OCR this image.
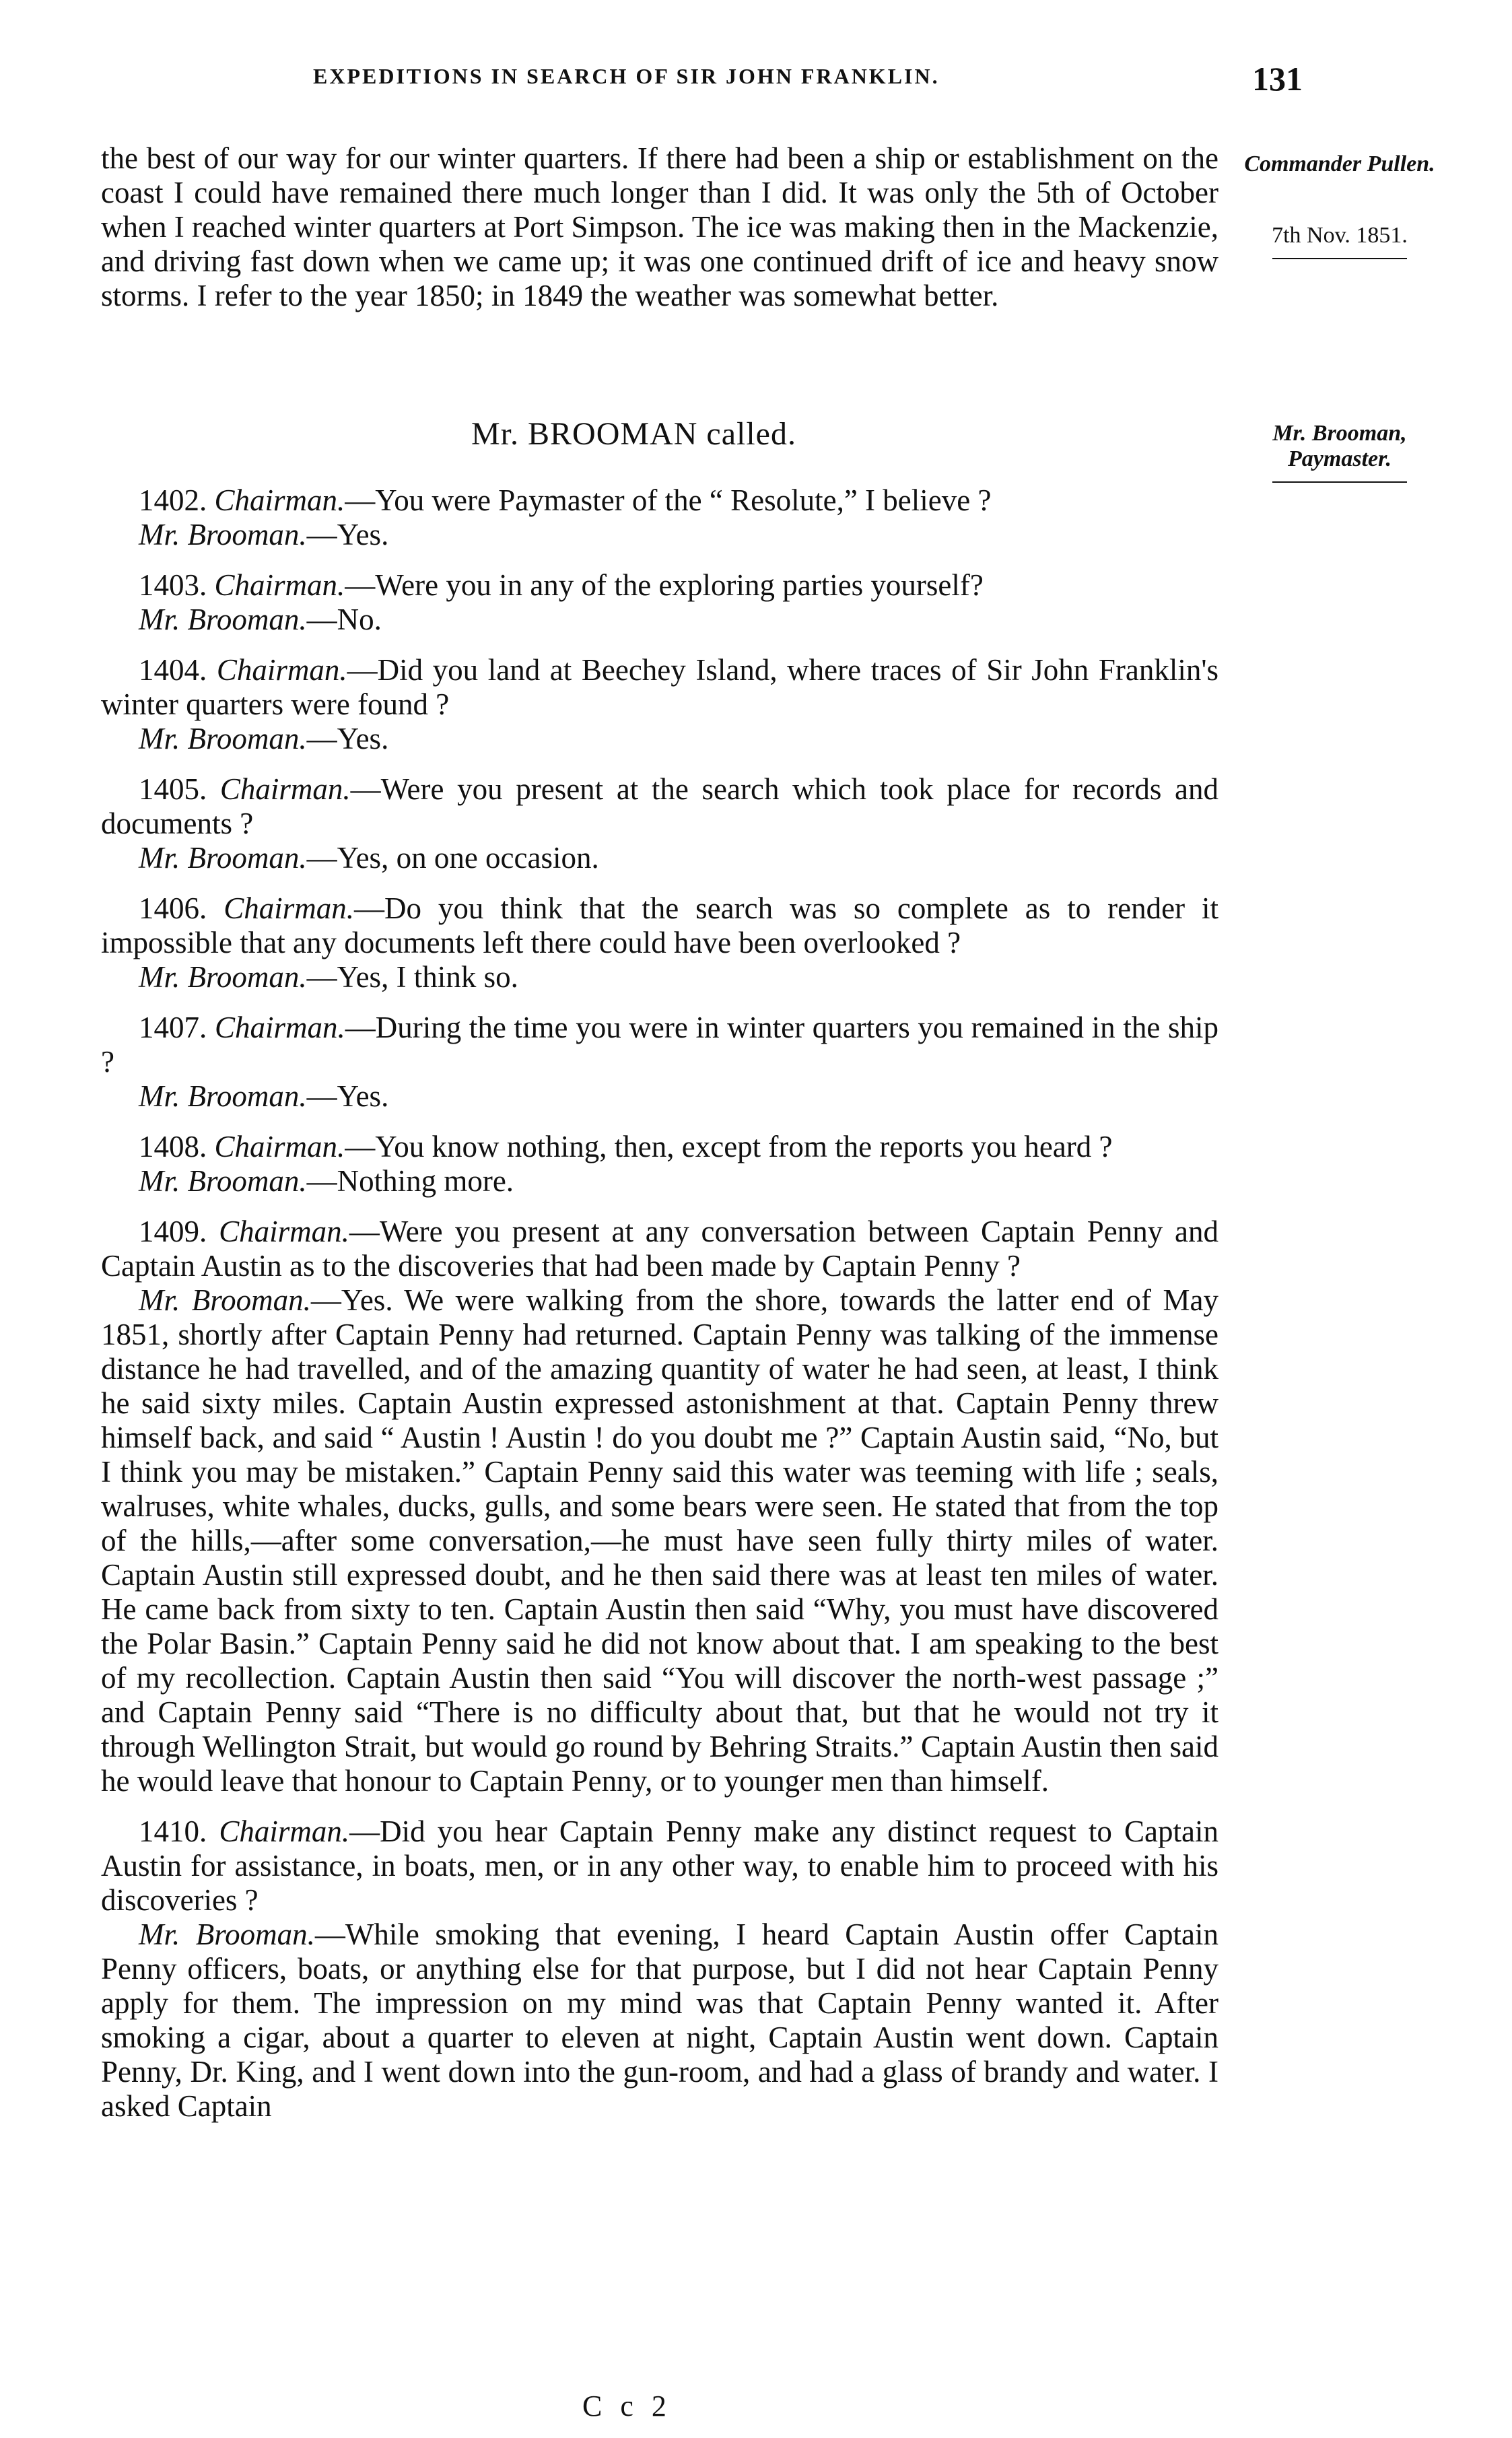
EXPEDITIONS IN SEARCH OF SIR JOHN FRANKLIN.	131
Commander Pullen.
7th Nov. 1851.
Mr. Brooman,
Paymaster.

the best of our way for our winter quarters. If there had been a ship or establishment on the coast I could have remained there much longer than I did. It was only the 5th of October when I reached winter quarters at Port Simpson. The ice was making then in the Mackenzie, and driving fast down when we came up; it was one continued drift of ice and heavy snow storms. I refer to the year 1850; in 1849 the weather was somewhat better.

Mr. BROOMAN called.

1402. Chairman.—You were Paymaster of the “ Resolute,” I believe ?

Mr. Brooman.—Yes.

1403. Chairman.—Were you in any of the exploring parties yourself?

Mr. Brooman.—No.

1404. Chairman.—Did you land at Beechey Island, where traces of Sir John Franklin's winter quarters were found ?

Mr. Brooman.—Yes.

1405. Chairman.—Were you present at the search which took place for records and documents ?

Mr. Brooman.—Yes, on one occasion.

1406. Chairman.—Do you think that the search was so complete as to render it impossible that any documents left there could have been overlooked ?

Mr. Brooman.—Yes, I think so.

1407. Chairman.—During the time you were in winter quarters you remained in the ship ?

Mr. Brooman.—Yes.

1408. Chairman.—You know nothing, then, except from the reports you heard ?

Mr. Brooman.—Nothing more.

1409. Chairman.—Were you present at any conversation between Captain Penny and Captain Austin as to the discoveries that had been made by Captain Penny ?

Mr. Brooman.—Yes. We were walking from the shore, towards the latter end of May 1851, shortly after Captain Penny had returned. Captain Penny was talking of the immense distance he had travelled, and of the amazing quantity of water he had seen, at least, I think he said sixty miles. Captain Austin expressed astonishment at that. Captain Penny threw himself back, and said “ Austin ! Austin ! do you doubt me ?” Captain Austin said, “No, but I think you may be mistaken.” Captain Penny said this water was teeming with life ; seals, walruses, white whales, ducks, gulls, and some bears were seen. He stated that from the top of the hills,—after some conversation,—he must have seen fully thirty miles of water. Captain Austin still expressed doubt, and he then said there was at least ten miles of water. He came back from sixty to ten. Captain Austin then said “Why, you must have discovered the Polar Basin.” Captain Penny said he did not know about that. I am speaking to the best of my recollection. Captain Austin then said “You will discover the north-west passage ;” and Captain Penny said “There is no difficulty about that, but that he would not try it through Wellington Strait, but would go round by Behring Straits.” Captain Austin then said he would leave that honour to Captain Penny, or to younger men than himself.

1410. Chairman.—Did you hear Captain Penny make any distinct request to Captain Austin for assistance, in boats, men, or in any other way, to enable him to proceed with his discoveries ?

Mr. Brooman.—While smoking that evening, I heard Captain Austin offer Captain Penny officers, boats, or anything else for that purpose, but I did not hear Captain Penny apply for them. The impression on my mind was that Captain Penny wanted it. After smoking a cigar, about a quarter to eleven at night, Captain Austin went down. Captain Penny, Dr. King, and I went down into the gun-room, and had a glass of brandy and water. I asked Captain

C c 2
